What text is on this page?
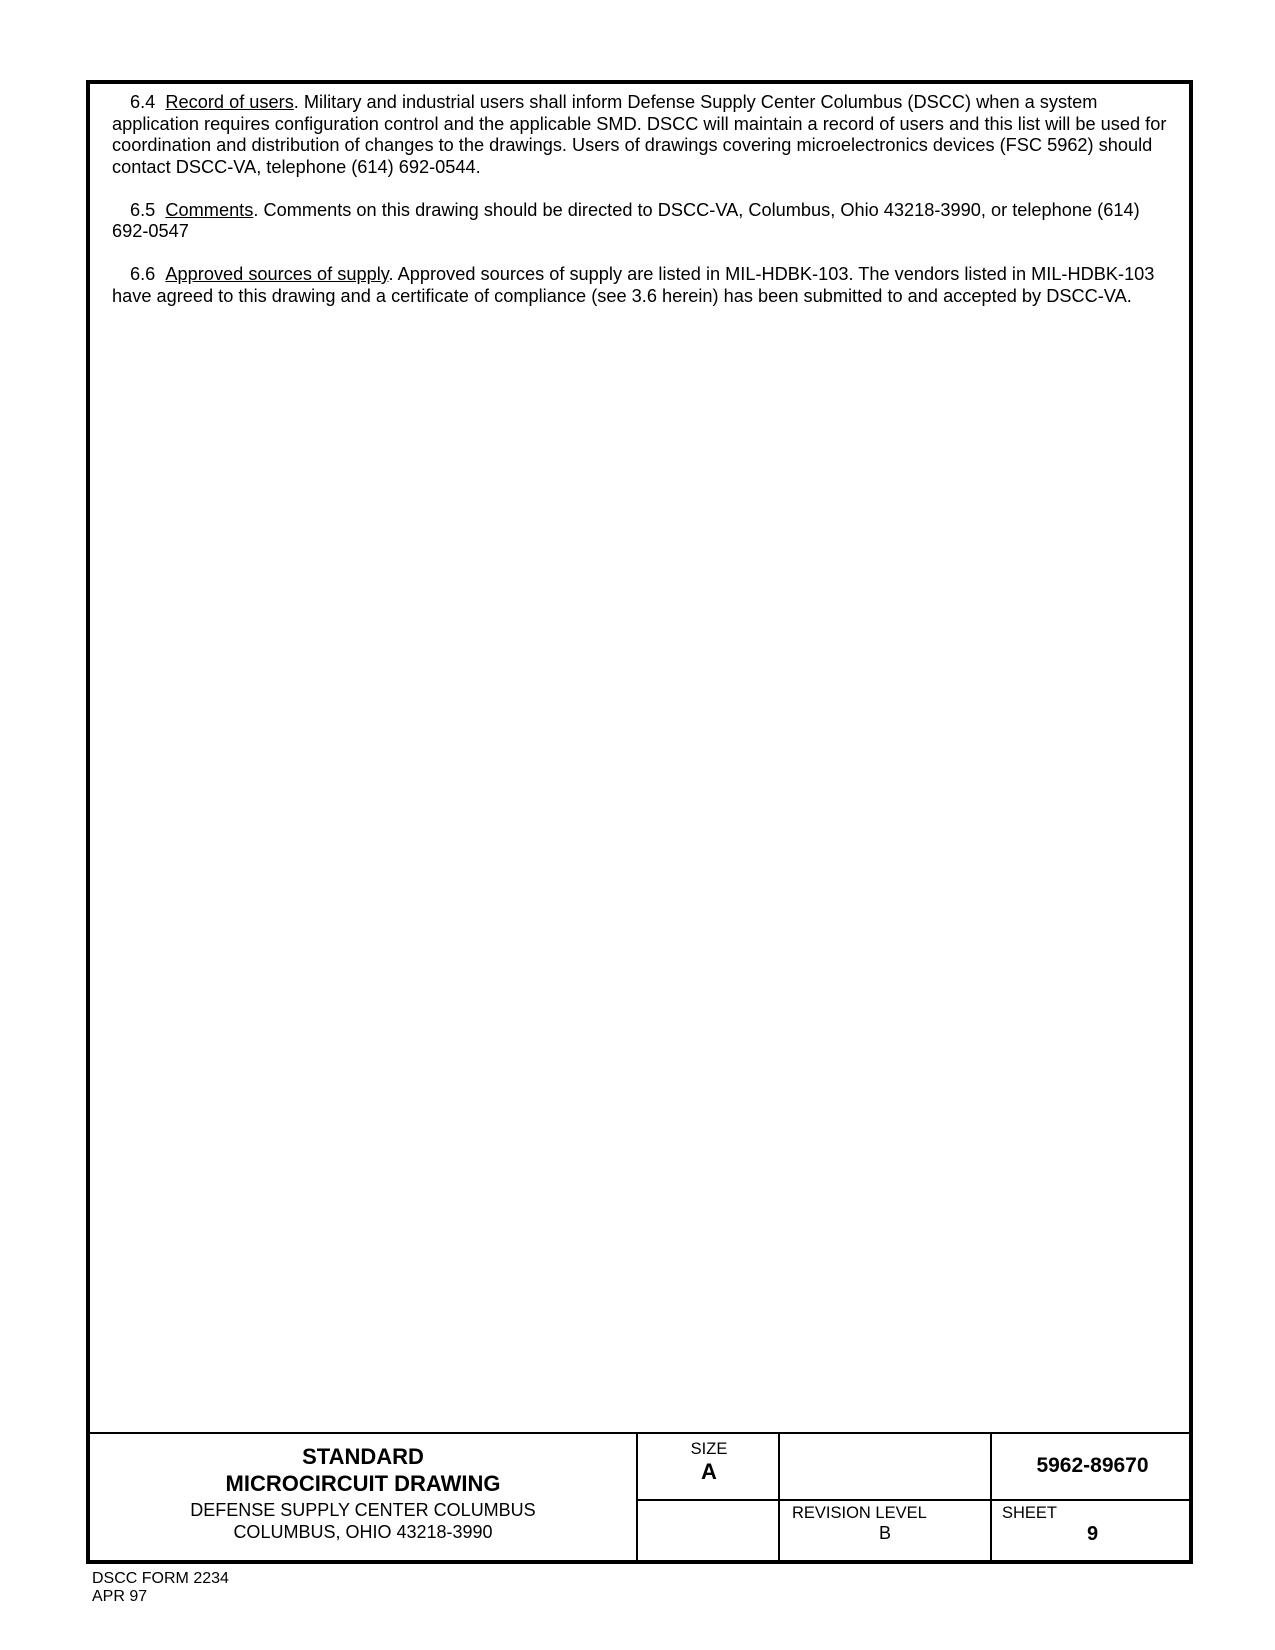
6.4 Record of users. Military and industrial users shall inform Defense Supply Center Columbus (DSCC) when a system application requires configuration control and the applicable SMD. DSCC will maintain a record of users and this list will be used for coordination and distribution of changes to the drawings. Users of drawings covering microelectronics devices (FSC 5962) should contact DSCC-VA, telephone (614) 692-0544.

6.5 Comments. Comments on this drawing should be directed to DSCC-VA, Columbus, Ohio 43218-3990, or telephone (614) 692-0547

6.6 Approved sources of supply. Approved sources of supply are listed in MIL-HDBK-103. The vendors listed in MIL-HDBK-103 have agreed to this drawing and a certificate of compliance (see 3.6 herein) has been submitted to and accepted by DSCC-VA.

STANDARD
MICROCIRCUIT DRAWING
DEFENSE SUPPLY CENTER COLUMBUS
COLUMBUS, OHIO 43218-3990
SIZE
A	5962-89670
REVISION LEVEL
B
SHEET
9
DSCC FORM 2234
APR 97
